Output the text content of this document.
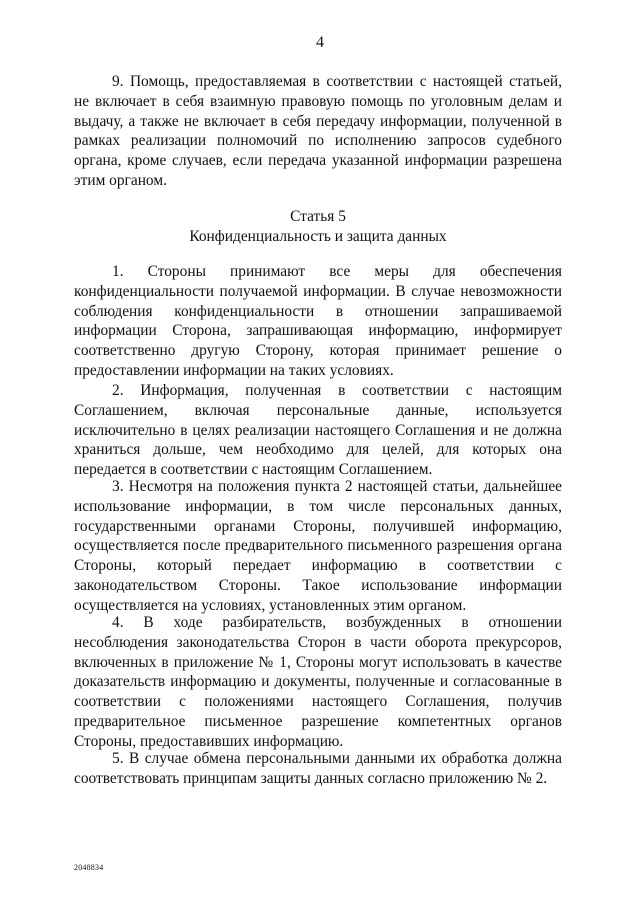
4

9. Помощь, предоставляемая в соответствии с настоящей статьей, не включает в себя взаимную правовую помощь по уголовным делам и выдачу, а также не включает в себя передачу информации, полученной в рамках реализации полномочий по исполнению запросов судебного органа, кроме случаев, если передача указанной информации разрешена этим органом.

Статья 5

Конфиденциальность и защита данных

1. Стороны принимают все меры для обеспечения конфиденциальности получаемой информации. В случае невозможности соблюдения конфиденциальности в отношении запрашиваемой информации Сторона, запрашивающая информацию, информирует соответственно другую Сторону, которая принимает решение о предоставлении информации на таких условиях.

2. Информация, полученная в соответствии с настоящим Соглашением, включая персональные данные, используется исключительно в целях реализации настоящего Соглашения и не должна храниться дольше, чем необходимо для целей, для которых она передается в соответствии с настоящим Соглашением.

3. Несмотря на положения пункта 2 настоящей статьи, дальнейшее использование информации, в том числе персональных данных, государственными органами Стороны, получившей информацию, осуществляется после предварительного письменного разрешения органа Стороны, который передает информацию в соответствии с законодательством Стороны. Такое использование информации осуществляется на условиях, установленных этим органом.

4. В ходе разбирательств, возбужденных в отношении несоблюдения законодательства Сторон в части оборота прекурсоров, включенных в приложение № 1, Стороны могут использовать в качестве доказательств информацию и документы, полученные и согласованные в соответствии с положениями настоящего Соглашения, получив предварительное письменное разрешение компетентных органов Стороны, предоставивших информацию.

5. В случае обмена персональными данными их обработка должна соответствовать принципам защиты данных согласно приложению № 2.

2048834
